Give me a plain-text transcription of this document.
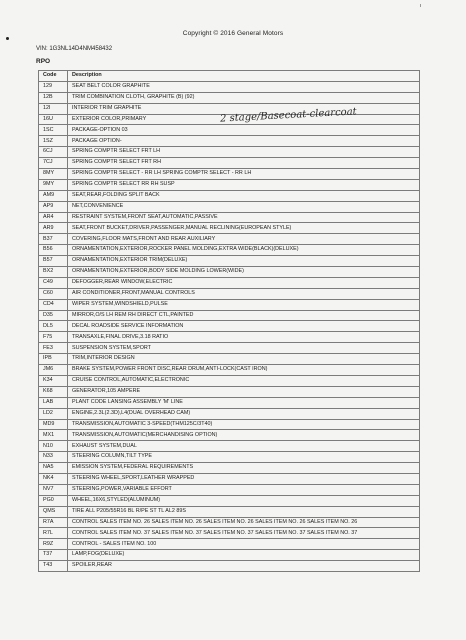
Copyright © 2016 General Motors
VIN: 1G3NL14D4NM458432
RPO
Code	Description
129	SEAT BELT COLOR GRAPHITE
12B	TRIM COMBINATION CLOTH, GRAPHITE (B) (92)
12I	INTERIOR TRIM GRAPHITE
16U	EXTERIOR COLOR,PRIMARY
1SC	PACKAGE-OPTION 03
1SZ	PACKAGE OPTION-
6CJ	SPRING COMPTR SELECT FRT LH
7CJ	SPRING COMPTR SELECT FRT RH
8MY	SPRING COMPTR SELECT - RR LH SPRING COMPTR SELECT - RR LH
9MY	SPRING COMPTR SELECT RR RH SUSP
AM9	SEAT,REAR,FOLDING SPLIT BACK
AP9	NET,CONVENIENCE
AR4	RESTRAINT SYSTEM,FRONT SEAT,AUTOMATIC,PASSIVE
AR9	SEAT,FRONT BUCKET,DRIVER,PASSENGER,MANUAL RECLINING(EUROPEAN STYLE)
B37	COVERING,FLOOR MATS,FRONT AND REAR AUXILIARY
B56	ORNAMENTATION,EXTERIOR,ROCKER PANEL MOLDING,EXTRA WIDE(BLACK)(DELUXE)
B57	ORNAMENTATION,EXTERIOR TRIM(DELUXE)
BX2	ORNAMENTATION,EXTERIOR,BODY SIDE MOLDING LOWER(WIDE)
C49	DEFOGGER,REAR WINDOW,ELECTRIC
C60	AIR CONDITIONER,FRONT,MANUAL CONTROLS
CD4	WIPER SYSTEM,WINDSHIELD,PULSE
D35	MIRROR,O/S LH REM RH DIRECT CTL,PAINTED
DL5	DECAL ROADSIDE SERVICE INFORMATION
F75	TRANSAXLE,FINAL DRIVE,3.18 RATIO
FE3	SUSPENSION SYSTEM,SPORT
IPB	TRIM,INTERIOR DESIGN
JM6	BRAKE SYSTEM,POWER FRONT DISC,REAR DRUM,ANTI-LOCK(CAST IRON)
K34	CRUISE CONTROL,AUTOMATIC,ELECTRONIC
K68	GENERATOR,105 AMPERE
LAB	PLANT CODE LANSING ASSEMBLY 'M' LINE
LD2	ENGINE,2.3L(2.3D),L4(DUAL OVERHEAD CAM)
MD9	TRANSMISSION,AUTOMATIC 3-SPEED(THM125C/3T40)
MX1	TRANSMISSION,AUTOMATIC(MERCHANDISING OPTION)
N10	EXHAUST SYSTEM,DUAL
N33	STEERING COLUMN,TILT TYPE
NA5	EMISSION SYSTEM,FEDERAL REQUIREMENTS
NK4	STEERING WHEEL,SPORT,LEATHER WRAPPED
NV7	STEERING,POWER,VARIABLE EFFORT
PG0	WHEEL,16X6,STYLED(ALUMINUM)
QMS	TIRE ALL P205/55R16 BL R/PE ST TL AL2 89S
R7A	CONTROL SALES ITEM NO. 26 SALES ITEM NO. 26 SALES ITEM NO. 26 SALES ITEM NO. 26 SALES ITEM NO. 26
R7L	CONTROL SALES ITEM NO. 37 SALES ITEM NO. 37 SALES ITEM NO. 37 SALES ITEM NO. 37 SALES ITEM NO. 37
R9Z	CONTROL - SALES ITEM NO. 100
T37	LAMP,FOG(DELUXE)
T43	SPOILER,REAR
2 stage/Basecoat-clearcoat
